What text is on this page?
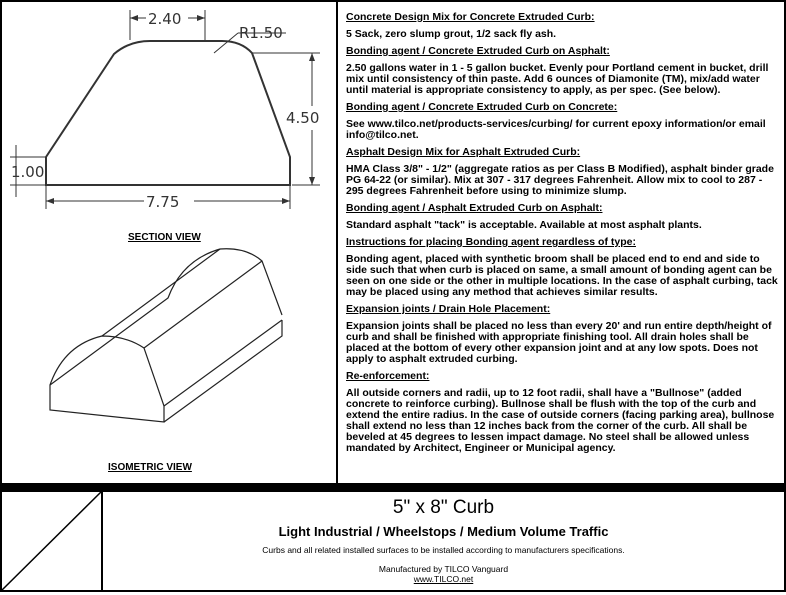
2.40
R1.50
4.50
1.00
7.75
SECTION VIEW
ISOMETRIC VIEW
Concrete Design Mix for Concrete Extruded Curb:
5 Sack, zero slump grout, 1/2 sack fly ash.
Bonding agent / Concrete Extruded Curb on Asphalt:
2.50 gallons water in 1 - 5 gallon bucket. Evenly pour Portland cement in bucket, drill mix until consistency of thin paste. Add 6 ounces of Diamonite (TM), mix/add water until material is appropriate consistency to apply, as per spec. (See below).
Bonding agent / Concrete Extruded Curb on Concrete:
See www.tilco.net/products-services/curbing/ for current epoxy information/or email info@tilco.net.
Asphalt Design Mix for Asphalt Extruded Curb:
HMA Class 3/8" - 1/2" (aggregate ratios as per Class B Modified), asphalt binder grade PG 64-22 (or similar). Mix at 307 - 317 degrees Fahrenheit. Allow mix to cool to 287 - 295 degrees Fahrenheit before using to minimize slump.
Bonding agent / Asphalt Extruded Curb on Asphalt:
Standard asphalt "tack" is acceptable. Available at most asphalt plants.
Instructions for placing Bonding agent regardless of type:
Bonding agent, placed with synthetic broom shall be placed end to end and side to side such that when curb is placed on same, a small amount of bonding agent can be seen on one side or the other in multiple locations. In the case of asphalt curbing, tack may be placed using any method that achieves similar results.
Expansion joints / Drain Hole Placement:
Expansion joints shall be placed no less than every 20' and run entire depth/height of curb and shall be finished with appropriate finishing tool. All drain holes shall be placed at the bottom of every other expansion joint and at any low spots. Does not apply to asphalt extruded curbing.
Re-enforcement:
All outside corners and radii, up to 12 foot radii, shall have a "Bullnose" (added concrete to reinforce curbing). Bullnose shall be flush with the top of the curb and extend the entire radius. In the case of outside corners (facing parking area), bullnose shall extend no less than 12 inches back from the corner of the curb. All shall be beveled at 45 degrees to lessen impact damage. No steel shall be allowed unless mandated by Architect, Engineer or Municipal agency.
5" x 8" Curb
Light Industrial / Wheelstops / Medium Volume Traffic
Curbs and all related installed surfaces to be installed according to manufacturers specifications.
Manufactured by TILCO Vanguard
www.TILCO.net
